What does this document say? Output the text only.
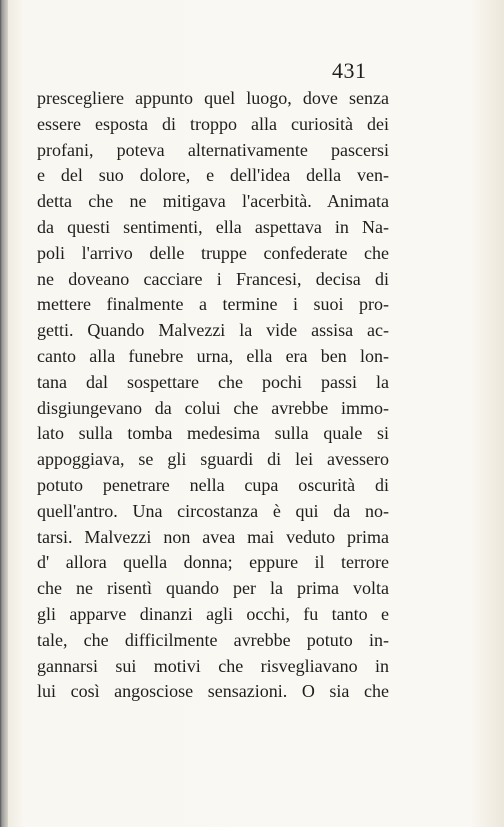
431
prescegliere appunto quel luogo, dove senza
essere esposta di troppo alla curiosità dei
profani, poteva alternativamente pascersi
e del suo dolore, e dell'idea della ven-
detta che ne mitigava l'acerbità. Animata
da questi sentimenti, ella aspettava in Na-
poli l'arrivo delle truppe confederate che
ne doveano cacciare i Francesi, decisa di
mettere finalmente a termine i suoi pro-
getti. Quando Malvezzi la vide assisa ac-
canto alla funebre urna, ella era ben lon-
tana dal sospettare che pochi passi la
disgiungevano da colui che avrebbe immo-
lato sulla tomba medesima sulla quale si
appoggiava, se gli sguardi di lei avessero
potuto penetrare nella cupa oscurità di
quell'antro. Una circostanza è qui da no-
tarsi. Malvezzi non avea mai veduto prima
d' allora quella donna; eppure il terrore
che ne risentì quando per la prima volta
gli apparve dinanzi agli occhi, fu tanto e
tale, che difficilmente avrebbe potuto in-
gannarsi sui motivi che risvegliavano in
lui così angosciose sensazioni. O sia che
